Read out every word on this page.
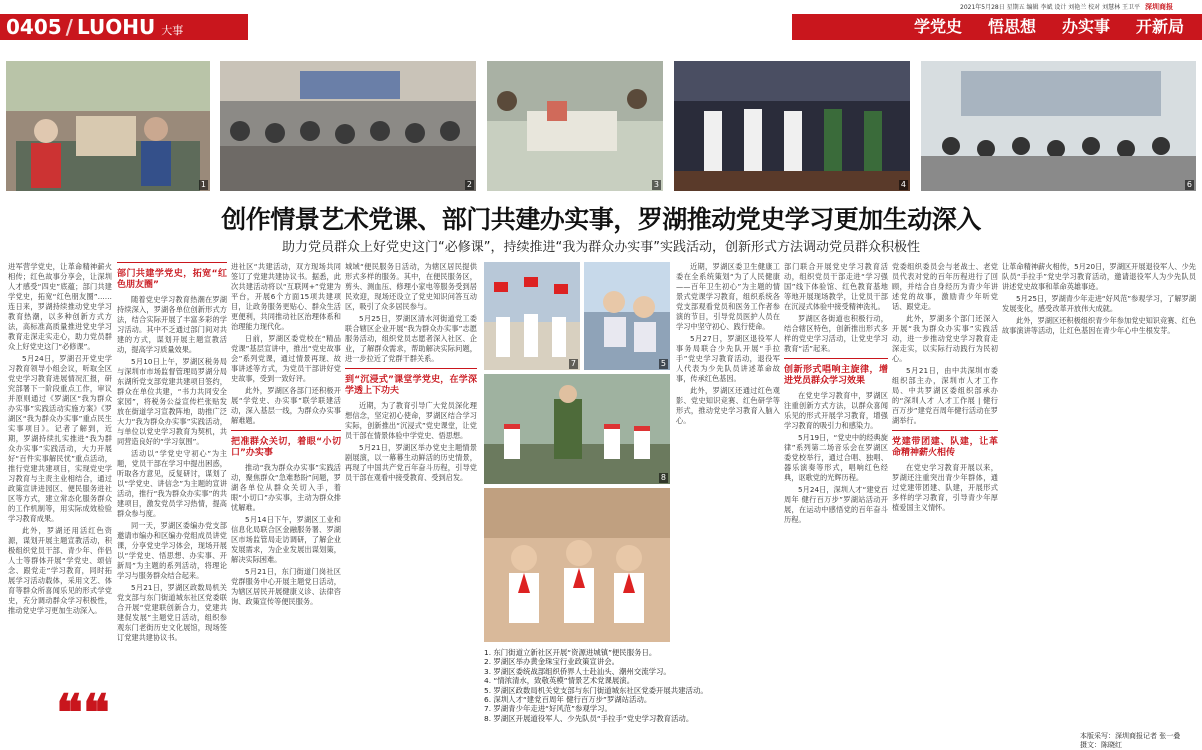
0405 / LUOHU 大事
2021年5月28日 星期五 编辑 李斌 设计 刘艳兰 校对 刘慧林 王卫平 深圳商报
学党史 悟思想 办实事 开新局
1	2	3	4	6
创作情景艺术党课、部门共建办实事，罗湖推动党史学习更加生动深入
助力党员群众上好党史这门“必修课”，持续推进“我为群众办实事”实践活动，创新形式方法调动党员群众积极性

进军营学党史，让革命精神薪火相传；红色故事分享会，让深圳人才感受“四史”底蕴；部门共建学党史，拓宽“红色朋友圈”……连日来，罗湖持续推动党史学习教育热潮，以多种创新方式方法，高标准高质量推进党史学习教育走深走实走心，助力党员群众上好党史这门“必修课”。

5月24日，罗湖召开党史学习教育领导小组会议，听取全区党史学习教育进展情况汇报，研究部署下一阶段重点工作，审议并原则通过《罗湖区“我为群众办实事”实践活动实施方案》《罗湖区“我为群众办实事”重点民生实事项目》。记者了解到，近期，罗湖持续扎实推进“我为群众办实事”实践活动，大力开展好“百件实事解民忧”重点活动，推行党建共建项目，实现党史学习教育与主责主业相结合，通过政策宣讲进园区、便民服务进社区等方式，建立常态化服务群众的工作机制等，用实际成效检验学习教育成果。

此外，罗湖还用活红色资源，谋划开展主题宣教活动，积极组织党员干部、青少年、伴侣人士等群体开展“学党史、颂信念、跟党走”学习教育，同时拓展学习活动载体，采用文艺、体育等群众所喜闻乐见的形式学党史，充分调动群众学习积极性，推动党史学习更加生动深入。

❝❝
部门共建学党史，拓宽“红色朋友圈”

随着党史学习教育热潮在罗湖持续深入，罗湖各单位创新形式方法，结合实际开展了丰富多彩的学习活动。其中不乏通过部门间对共建的方式，谋划开展主题宣教活动，提高学习质量效果。

5月10日上午，罗湖区税务局与深圳市市场监督管理局罗湖分局东湖所党支部党建共建项目签约，群众在单位共建，“书力共同安全家园”，将税务公益宣传栏张贴发放在街道学习宣教阵地，助推广泛大力“我为群众办实事”实践活动，与单位以党史学习教育为契机，共同营造良好的“学习氛围”。

活动以“学党史守初心”为主题，党员干部在学习中提出困惑，听取各方意见，反复研讨，谋划了以“学党史、讲信念”为主题的宣讲活动，推行“我为群众办实事”的共建项目，激发党员学习热情，提高群众参与度。

同一天，罗湖区委编办党支部邀请市编办和区编办党组成员讲党课，分享党史学习体会，现场开展以“学党史、悟思想、办实事、开新局”为主题的系列活动，将理论学习与服务群众结合起来。

5月21日，罗湖区政数局机关党支部与东门街道城东社区党委联合开展“党建联创新合力，党建共建促发展”主题党日活动，组织参观东门老街历史文化展馆，现场签订党建共建协议书。

进社区“共建活动，双方现场共同签订了党建共建协议书。据悉，此次共建活动将以“互联网+”党建为平台，开展6个方面15项共建项目，让政务服务更贴心、群众生活更便利，共同推动社区治理体系和治理能力现代化。

日前，罗湖区委党校在“精品党课”基层宣讲中，推出“党史故事会”系列党课，通过情景再现、故事讲述等方式，为党员干部讲好党史故事，受到一致好评。

此外，罗湖区各部门还积极开展“学党史、办实事”联学联建活动，深入基层一线，为群众办实事解难题。

把准群众关切，着眼“小切口”办实事

推动“我为群众办实事”实践活动，聚焦群众“急难愁盼”问题，罗湖各单位从群众关切入手，着眼“小切口”办实事，主动为群众排忧解难。

5月14日下午，罗湖区工业和信息化局联合区金融服务署、罗湖区市场监管局走访调研，了解企业发展需求，为企业发展出谋划策，解决实际困难。

5月21日，东门街道门岗社区党群服务中心开展主题党日活动，为辖区居民开展健康义诊、法律咨询、政策宣传等便民服务。

城域“便民服务日活动，为辖区居民提供形式多样的服务。其中，在便民服务区，剪头、测血压、修理小家电等服务受到居民欢迎，现场还设立了党史知识问答互动区，吸引了众多居民参与。

5月25日，罗湖区清水河街道党工委联合辖区企业开展“我为群众办实事”志愿服务活动，组织党员志愿者深入社区、企业，了解群众需求，帮助解决实际问题，进一步拉近了党群干群关系。

到“沉浸式”课堂学党史，在学深学透上下功夫

近期，为了教育引导广大党员深化理想信念，坚定初心使命，罗湖区结合学习实际，创新推出“沉浸式”党史课堂，让党员干部在情景体验中学党史、悟思想。

5月21日，罗湖区举办党史主题情景剧展演，以一幕幕生动鲜活的历史情景，再现了中国共产党百年奋斗历程，引导党员干部在观看中接受教育、受到启发。

7	5
8
1. 东门街道立新社区开展“资源进城镇”便民服务日。
2. 罗湖区举办黄金珠宝行业政策宣讲会。
3. 罗湖区委统战部组织侨界人士赴汕头、潮州交流学习。
4. “情浓清水，致敬英模”情景艺术党课展演。
5. 罗湖区政数局机关党支部与东门街道城东社区党委开展共建活动。
6. 深圳人才“建党百周年 健行百万步”罗湖站活动。
7. 罗湖青少年走进“好风范”参观学习。
8. 罗湖区开展道役军人、少先队员“手拉手”党史学习教育活动。

近期，罗湖区委卫生健康工委在全系统策划“为了人民健康——百年卫生初心”为主题的情景式党课学习教育，组织系统各党支部观看党员和医务工作者参演的节目，引导党员医护人员在学习中坚守初心、践行使命。

5月27日，罗湖区退役军人事务局联合少先队开展“手拉手”党史学习教育活动，退役军人代表为少先队员讲述革命故事，传承红色基因。

此外，罗湖区还通过红色观影、党史知识竞赛、红色研学等形式，推动党史学习教育入脑入心。

部门联合开展党史学习教育活动，组织党员干部走进“学习强国”线下体验馆、红色教育基地等地开展现场教学，让党员干部在沉浸式体验中接受精神洗礼。

罗湖区各街道也积极行动，结合辖区特色，创新推出形式多样的党史学习活动，让党史学习教育“活”起来。

创新形式唱响主旋律，增进党员群众学习效果

在党史学习教育中，罗湖区注重创新方式方法，以群众喜闻乐见的形式开展学习教育，增强学习教育的吸引力和感染力。

5月19日，“党史中的经典旋律”系列第二场音乐会在罗湖区委党校举行，通过合唱、独唱、器乐演奏等形式，唱响红色经典，讴歌党的光辉历程。

5月24日，深圳人才“建党百周年 健行百万步”罗湖站活动开展，在运动中感悟党的百年奋斗历程。

党委组织委员会与老战士、老党员代表对党的百年历程进行了回顾，并结合自身经历为青少年讲述党的故事，激励青少年听党话、跟党走。

此外，罗湖多个部门还深入开展“我为群众办实事”实践活动，进一步推动党史学习教育走深走实，以实际行动践行为民初心。

5月21日，由中共深圳市委组织部主办，深圳市人才工作局、中共罗湖区委组织部承办的“深圳人才 人才工作展 | 健行百万步”建党百周年健行活动在罗湖举行。

党建带团建、队建，让革命精神薪火相传

在党史学习教育开展以来，罗湖还注重突出青少年群体，通过党建带团建、队建，开展形式多样的学习教育，引导青少年厚植爱国主义情怀。

让革命精神薪火相传，5月20日，罗湖区开展退役军人、少先队员“手拉手”党史学习教育活动，邀请退役军人为少先队员讲述党史故事和革命英雄事迹。

5月25日，罗湖青少年走进“好风范”参观学习，了解罗湖发展变化，感受改革开放伟大成就。

此外，罗湖区还积极组织青少年参加党史知识竞赛、红色故事演讲等活动，让红色基因在青少年心中生根发芽。

本版采写：深圳商报记者 张一叠
摄文：陈晓红
